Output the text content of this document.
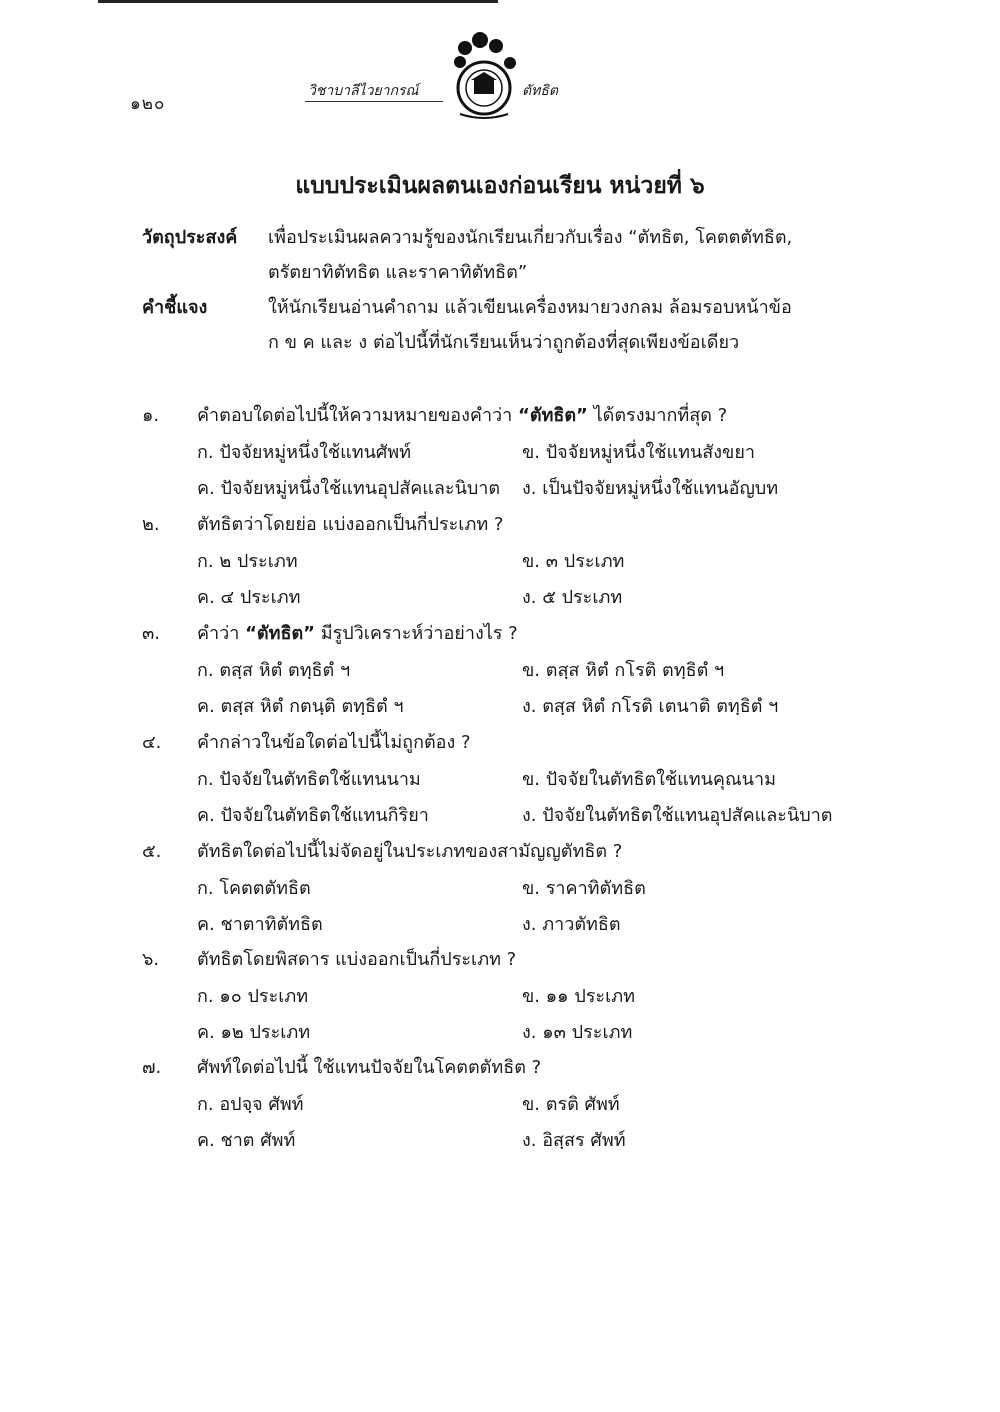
๑๒๐
วิชาบาลีไวยากรณ์	ตัทธิต
แบบประเมินผลตนเองก่อนเรียน หน่วยที่ ๖
วัตถุประสงค์ เพื่อประเมินผลความรู้ของนักเรียนเกี่ยวกับเรื่อง “ตัทธิต, โคตตตัทธิต,
ตรัตยาทิตัทธิต และราคาทิตัทธิต”
คำชี้แจง	ให้นักเรียนอ่านคำถาม แล้วเขียนเครื่องหมายวงกลม ล้อมรอบหน้าข้อ
ก ข ค และ ง ต่อไปนี้ที่นักเรียนเห็นว่าถูกต้องที่สุดเพียงข้อเดียว
๑. คำตอบใดต่อไปนี้ให้ความหมายของคำว่า “ตัทธิต” ได้ตรงมากที่สุด ?
ก. ปัจจัยหมู่หนึ่งใช้แทนศัพท์	ข. ปัจจัยหมู่หนึ่งใช้แทนสังขยา
ค. ปัจจัยหมู่หนึ่งใช้แทนอุปสัคและนิบาต ง. เป็นปัจจัยหมู่หนึ่งใช้แทนอัญบท
๒. ตัทธิตว่าโดยย่อ แบ่งออกเป็นกี่ประเภท ?
ก. ๒ ประเภท	ข. ๓ ประเภท
ค. ๔ ประเภท	ง. ๕ ประเภท
๓. คำว่า “ตัทธิต” มีรูปวิเคราะห์ว่าอย่างไร ?
ก. ตสฺส หิตํ ตทฺธิตํ ฯ	ข. ตสฺส หิตํ กโรติ ตทฺธิตํ ฯ
ค. ตสฺส หิตํ กตนฺติ ตทฺธิตํ ฯ	ง. ตสฺส หิตํ กโรติ เตนาติ ตทฺธิตํ ฯ
๔. คำกล่าวในข้อใดต่อไปนี้ไม่ถูกต้อง ?
ก. ปัจจัยในตัทธิตใช้แทนนาม	ข. ปัจจัยในตัทธิตใช้แทนคุณนาม
ค. ปัจจัยในตัทธิตใช้แทนกิริยา	ง. ปัจจัยในตัทธิตใช้แทนอุปสัคและนิบาต
๕. ตัทธิตใดต่อไปนี้ไม่จัดอยู่ในประเภทของสามัญญตัทธิต ?
ก. โคตตตัทธิต	ข. ราคาทิตัทธิต
ค. ชาตาทิตัทธิต	ง. ภาวตัทธิต
๖. ตัทธิตโดยพิสดาร แบ่งออกเป็นกี่ประเภท ?
ก. ๑๐ ประเภท	ข. ๑๑ ประเภท
ค. ๑๒ ประเภท	ง. ๑๓ ประเภท
๗. ศัพท์ใดต่อไปนี้ ใช้แทนปัจจัยในโคตตตัทธิต ?
ก. อปจฺจ ศัพท์	ข. ตรติ ศัพท์
ค. ชาต ศัพท์	ง. อิสฺสร ศัพท์
